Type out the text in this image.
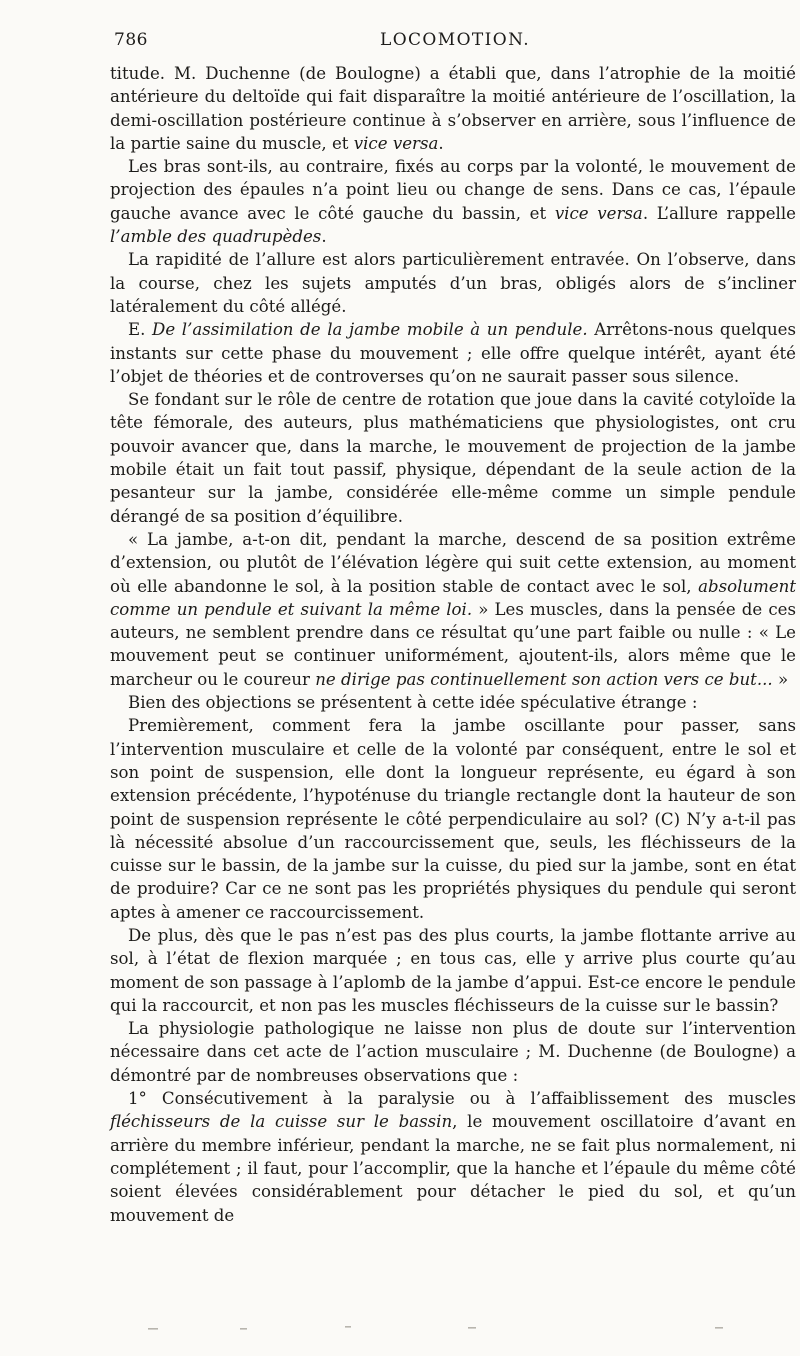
786	LOCOMOTION.

titude. M. Duchenne (de Boulogne) a établi que, dans l’atrophie de la moitié antérieure du deltoïde qui fait disparaître la moitié antérieure de l’oscillation, la demi-oscillation postérieure continue à s’observer en arrière, sous l’influence de la partie saine du muscle, et vice versa.

Les bras sont-ils, au contraire, fixés au corps par la volonté, le mouvement de projection des épaules n’a point lieu ou change de sens. Dans ce cas, l’épaule gauche avance avec le côté gauche du bassin, et vice versa. L’allure rappelle l’amble des quadrupèdes.

La rapidité de l’allure est alors particulièrement entravée. On l’observe, dans la course, chez les sujets amputés d’un bras, obligés alors de s’incliner latéralement du côté allégé.

E. De l’assimilation de la jambe mobile à un pendule. Arrêtons-nous quelques instants sur cette phase du mouvement ; elle offre quelque intérêt, ayant été l’objet de théories et de controverses qu’on ne saurait passer sous silence.

Se fondant sur le rôle de centre de rotation que joue dans la cavité cotyloïde la tête fémorale, des auteurs, plus mathématiciens que physiologistes, ont cru pouvoir avancer que, dans la marche, le mouvement de projection de la jambe mobile était un fait tout passif, physique, dépendant de la seule action de la pesanteur sur la jambe, considérée elle-même comme un simple pendule dérangé de sa position d’équilibre.

« La jambe, a-t-on dit, pendant la marche, descend de sa position extrême d’extension, ou plutôt de l’élévation légère qui suit cette extension, au moment où elle abandonne le sol, à la position stable de contact avec le sol, absolument comme un pendule et suivant la même loi. » Les muscles, dans la pensée de ces auteurs, ne semblent prendre dans ce résultat qu’une part faible ou nulle : « Le mouvement peut se continuer uniformément, ajoutent-ils, alors même que le marcheur ou le coureur ne dirige pas continuellement son action vers ce but... »

Bien des objections se présentent à cette idée spéculative étrange :

Premièrement, comment fera la jambe oscillante pour passer, sans l’intervention musculaire et celle de la volonté par conséquent, entre le sol et son point de suspension, elle dont la longueur représente, eu égard à son extension précédente, l’hypoténuse du triangle rectangle dont la hauteur de son point de suspension représente le côté perpendiculaire au sol? (C) N’y a-t-il pas là nécessité absolue d’un raccourcissement que, seuls, les fléchisseurs de la cuisse sur le bassin, de la jambe sur la cuisse, du pied sur la jambe, sont en état de produire? Car ce ne sont pas les propriétés physiques du pendule qui seront aptes à amener ce raccourcissement.

De plus, dès que le pas n’est pas des plus courts, la jambe flottante arrive au sol, à l’état de flexion marquée ; en tous cas, elle y arrive plus courte qu’au moment de son passage à l’aplomb de la jambe d’appui. Est-ce encore le pendule qui la raccourcit, et non pas les muscles fléchisseurs de la cuisse sur le bassin?

La physiologie pathologique ne laisse non plus de doute sur l’intervention nécessaire dans cet acte de l’action musculaire ; M. Duchenne (de Boulogne) a démontré par de nombreuses observations que :

1° Consécutivement à la paralysie ou à l’affaiblissement des muscles fléchisseurs de la cuisse sur le bassin, le mouvement oscillatoire d’avant en arrière du membre inférieur, pendant la marche, ne se fait plus normalement, ni complétement ; il faut, pour l’accomplir, que la hanche et l’épaule du même côté soient élevées considérablement pour détacher le pied du sol, et qu’un mouvement de
